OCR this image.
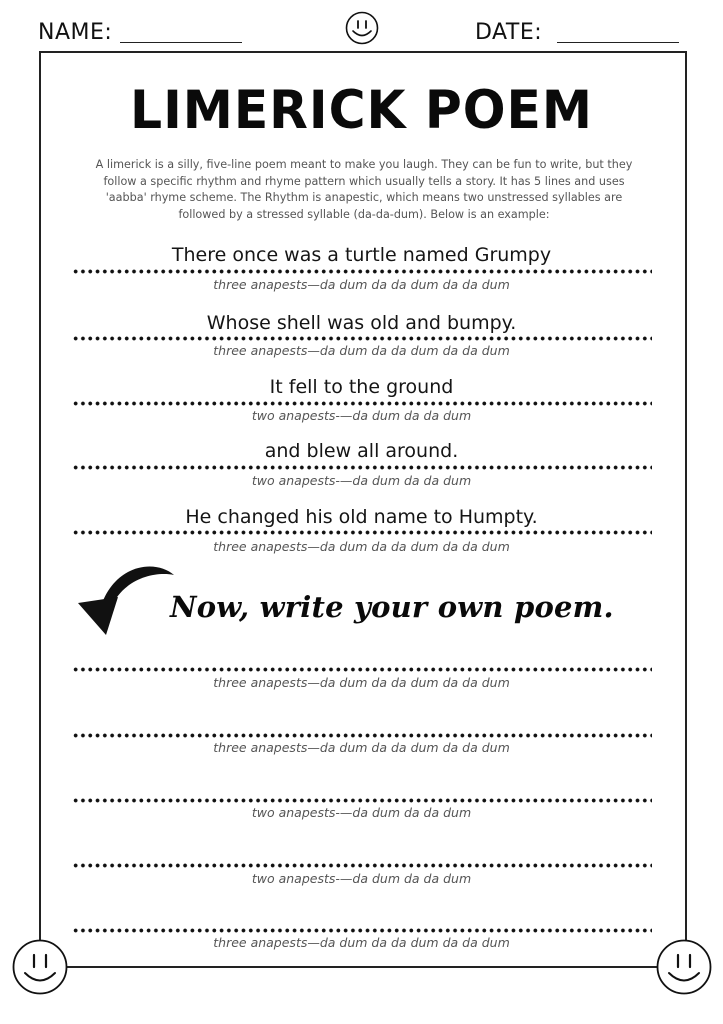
NAME:	DATE:
LIMERICK POEM
A limerick is a silly, five-line poem meant to make you laugh. They can be fun to write, but they follow a specific rhythm and rhyme pattern which usually tells a story. It has 5 lines and uses 'aabba' rhyme scheme. The Rhythm is anapestic, which means two unstressed syllables are followed by a stressed syllable (da-da-dum). Below is an example:
There once was a turtle named Grumpy
three anapests—da dum da da dum da da dum
Whose shell was old and bumpy.
three anapests—da dum da da dum da da dum
It fell to the ground
two anapests-—da dum da da dum
and blew all around.
two anapests-—da dum da da dum
He changed his old name to Humpty.
three anapests—da dum da da dum da da dum
Now, write your own poem.
three anapests—da dum da da dum da da dum
three anapests—da dum da da dum da da dum
two anapests-—da dum da da dum
two anapests-—da dum da da dum
three anapests—da dum da da dum da da dum
